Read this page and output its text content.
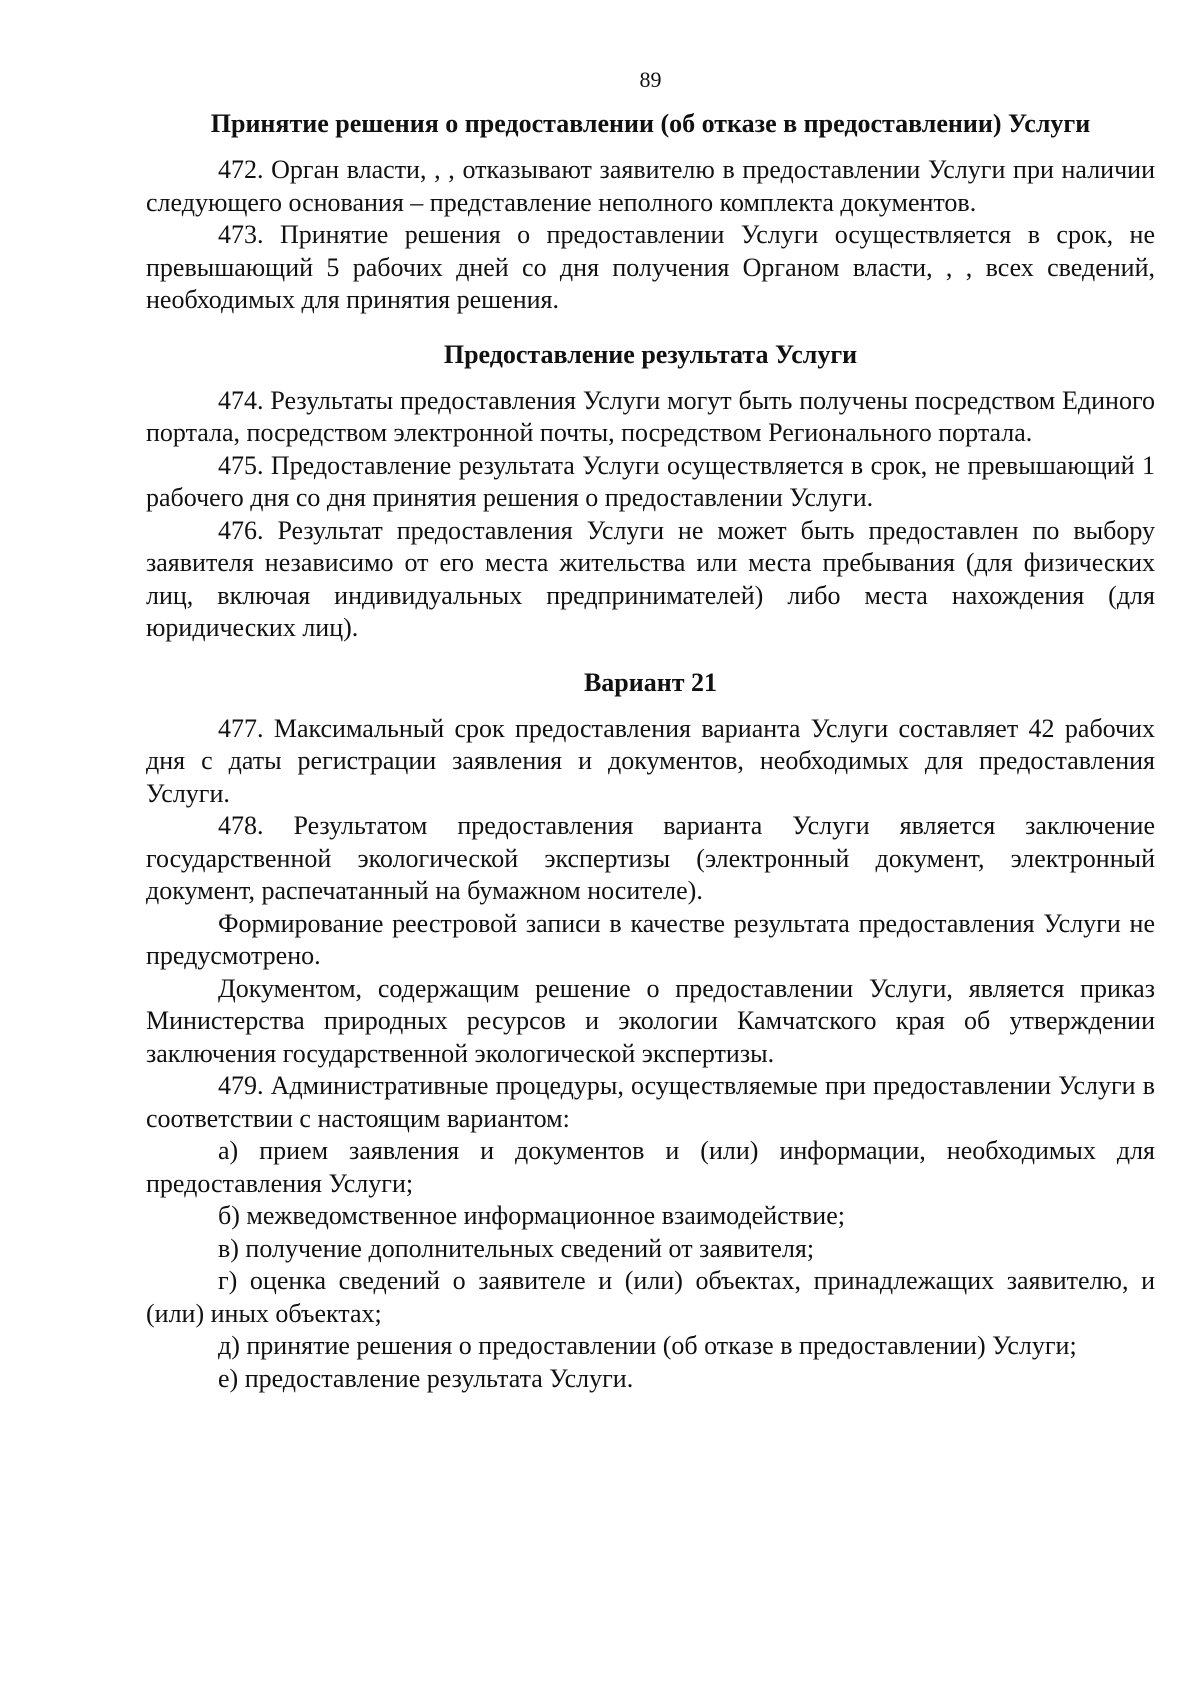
89
Принятие решения о предоставлении (об отказе в предоставлении) Услуги

472. Орган власти, , , отказывают заявителю в предоставлении Услуги при наличии следующего основания – представление неполного комплекта документов.

473. Принятие решения о предоставлении Услуги осуществляется в срок, не превышающий 5 рабочих дней со дня получения Органом власти, , , всех сведений, необходимых для принятия решения.

Предоставление результата Услуги

474. Результаты предоставления Услуги могут быть получены посредством Единого портала, посредством электронной почты, посредством Регионального портала.

475. Предоставление результата Услуги осуществляется в срок, не превышающий 1 рабочего дня со дня принятия решения о предоставлении Услуги.

476. Результат предоставления Услуги не может быть предоставлен по выбору заявителя независимо от его места жительства или места пребывания (для физических лиц, включая индивидуальных предпринимателей) либо места нахождения (для юридических лиц).

Вариант 21

477. Максимальный срок предоставления варианта Услуги составляет 42 рабочих дня с даты регистрации заявления и документов, необходимых для предоставления Услуги.

478. Результатом предоставления варианта Услуги является заключение государственной экологической экспертизы (электронный документ, электронный документ, распечатанный на бумажном носителе).

Формирование реестровой записи в качестве результата предоставления Услуги не предусмотрено.

Документом, содержащим решение о предоставлении Услуги, является приказ Министерства природных ресурсов и экологии Камчатского края об утверждении заключения государственной экологической экспертизы.

479. Административные процедуры, осуществляемые при предоставлении Услуги в соответствии с настоящим вариантом:

а) прием заявления и документов и (или) информации, необходимых для предоставления Услуги;

б) межведомственное информационное взаимодействие;

в) получение дополнительных сведений от заявителя;

г) оценка сведений о заявителе и (или) объектах, принадлежащих заявителю, и (или) иных объектах;

д) принятие решения о предоставлении (об отказе в предоставлении) Услуги;

е) предоставление результата Услуги.
